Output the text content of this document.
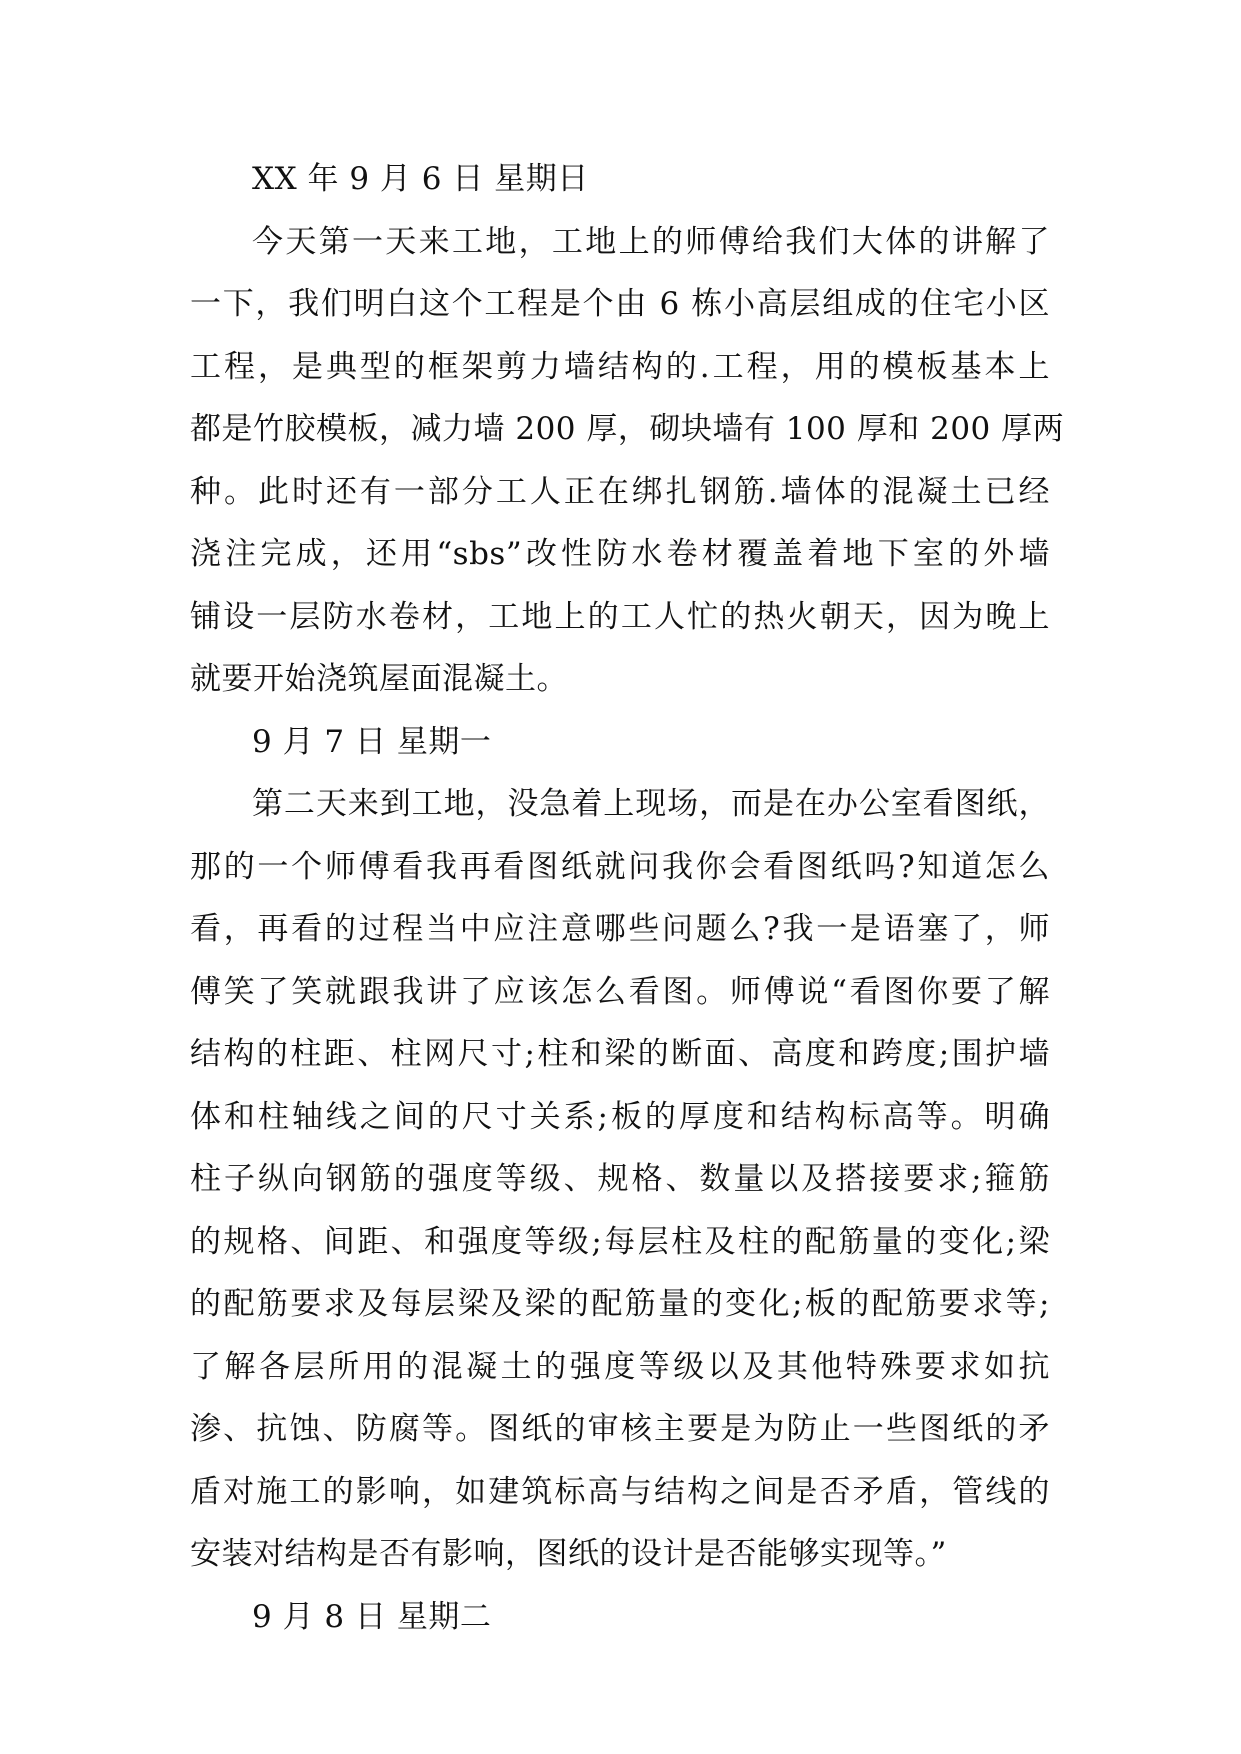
XX 年 9 月 6 日 星期日
今天第一天来工地，工地上的师傅给我们大体的讲解了
一下，我们明白这个工程是个由 6 栋小高层组成的住宅小区
工程，是典型的框架剪力墙结构的.工程，用的模板基本上
都是竹胶模板，减力墙 200 厚，砌块墙有 100 厚和 200 厚两
种。此时还有一部分工人正在绑扎钢筋.墙体的混凝土已经
浇注完成，还用“sbs”改性防水卷材覆盖着地下室的外墙
铺设一层防水卷材，工地上的工人忙的热火朝天，因为晚上
就要开始浇筑屋面混凝土。
9 月 7 日 星期一
第二天来到工地，没急着上现场，而是在办公室看图纸，
那的一个师傅看我再看图纸就问我你会看图纸吗?知道怎么
看，再看的过程当中应注意哪些问题么?我一是语塞了，师
傅笑了笑就跟我讲了应该怎么看图。师傅说“看图你要了解
结构的柱距、柱网尺寸;柱和梁的断面、高度和跨度;围护墙
体和柱轴线之间的尺寸关系;板的厚度和结构标高等。明确
柱子纵向钢筋的强度等级、规格、数量以及搭接要求;箍筋
的规格、间距、和强度等级;每层柱及柱的配筋量的变化;梁
的配筋要求及每层梁及梁的配筋量的变化;板的配筋要求等;
了解各层所用的混凝土的强度等级以及其他特殊要求如抗
渗、抗蚀、防腐等。图纸的审核主要是为防止一些图纸的矛
盾对施工的影响，如建筑标高与结构之间是否矛盾，管线的
安装对结构是否有影响，图纸的设计是否能够实现等。”
9 月 8 日 星期二
